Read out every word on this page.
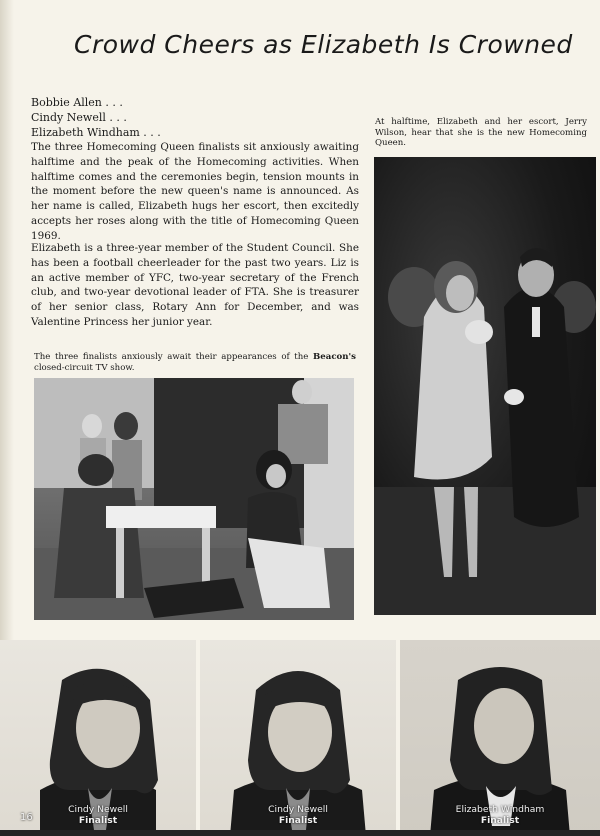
Crowd Cheers as Elizabeth Is Crowned
Bobbie Allen . . .
Cindy Newell . . .
Elizabeth Windham . . .
The three Homecoming Queen finalists sit anxiously awaiting halftime and the peak of the Homecoming activities. When halftime comes and the ceremonies begin, tension mounts in the moment before the new queen's name is announced. As her name is called, Elizabeth hugs her escort, then excitedly accepts her roses along with the title of Homecoming Queen 1969.
Elizabeth is a three-year member of the Student Council. She has been a football cheerleader for the past two years. Liz is an active member of YFC, two-year secretary of the French club, and two-year devotional leader of FTA. She is treasurer of her senior class, Rotary Ann for December, and was Valentine Princess her junior year.
At halftime, Elizabeth and her escort, Jerry Wilson, hear that she is the new Homecoming Queen.
The three finalists anxiously await their appearances of the Beacon's closed-circuit TV show.
Cindy Newell
Finalist
Cindy Newell
Finalist
Elizabeth Windham
Finalist
16
